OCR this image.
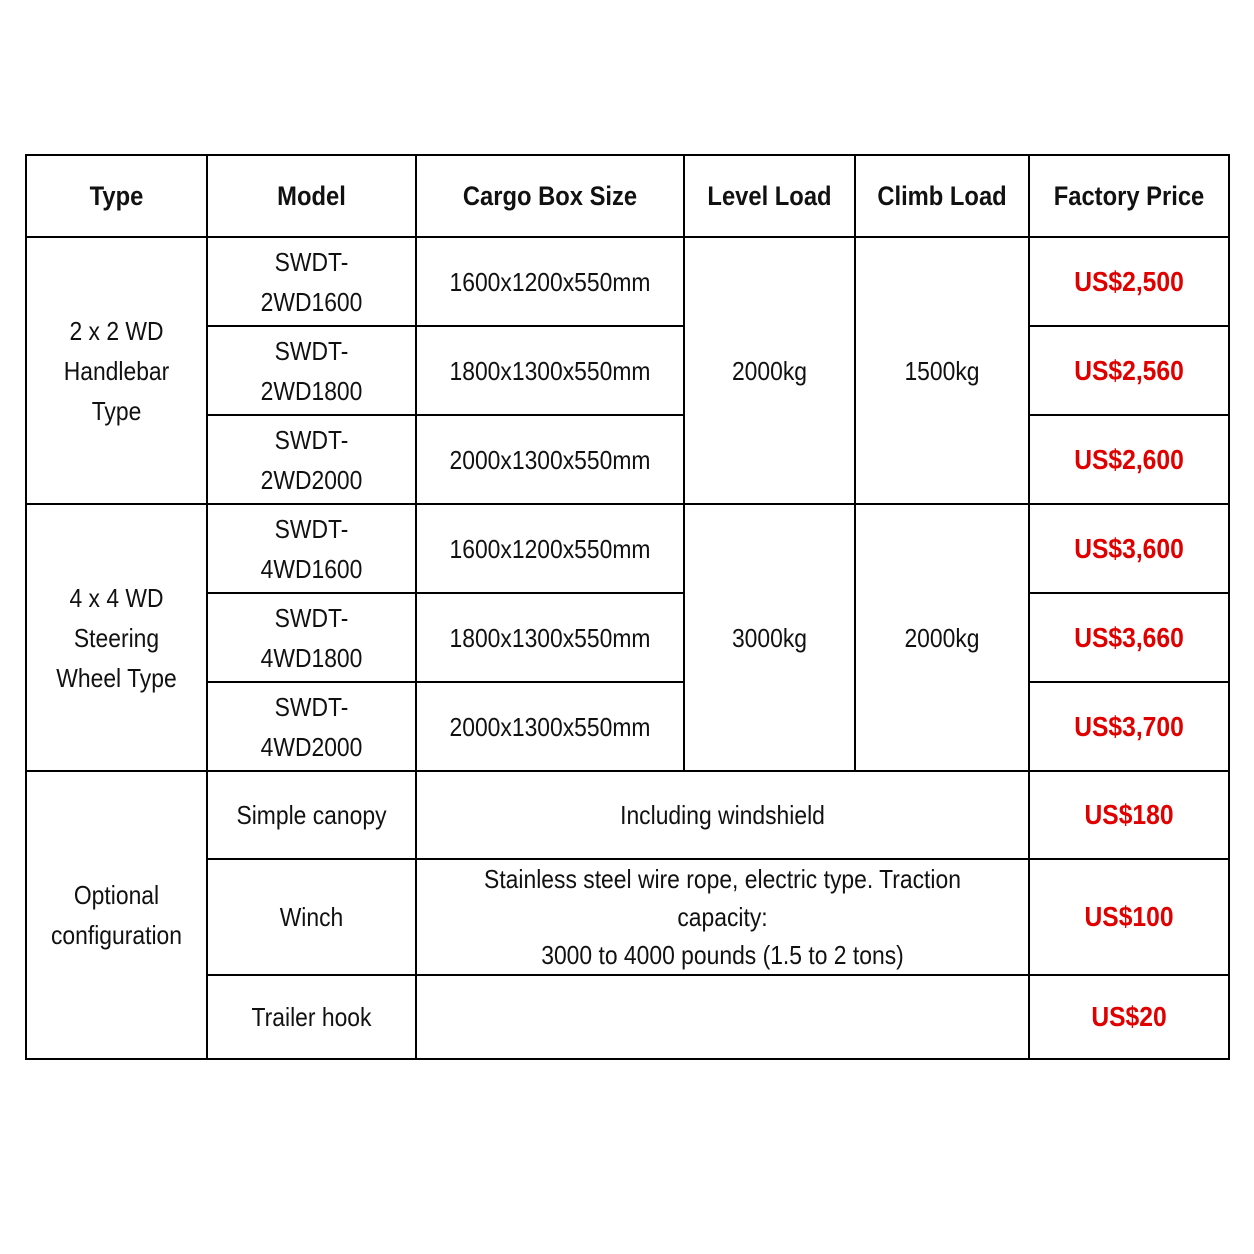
Type	Model	Cargo Box Size	Level Load	Climb Load	Factory Price
2 x 2 WD
Handlebar
Type	SWDT-2WD1600	1600x1200x550mm	2000kg	1500kg	US$2,500
	SWDT-2WD1800	1800x1300x550mm			US$2,560
	SWDT-2WD2000	2000x1300x550mm			US$2,600
4 x 4 WD
Steering
Wheel Type	SWDT-4WD1600	1600x1200x550mm	3000kg	2000kg	US$3,600
	SWDT-4WD1800	1800x1300x550mm			US$3,660
	SWDT-4WD2000	2000x1300x550mm			US$3,700
Optional
configuration	Simple canopy	Including windshield			US$180
	Winch	Stainless steel wire rope, electric type. Traction capacity:
3000 to 4000 pounds (1.5 to 2 tons)			US$100
	Trailer hook				US$20
